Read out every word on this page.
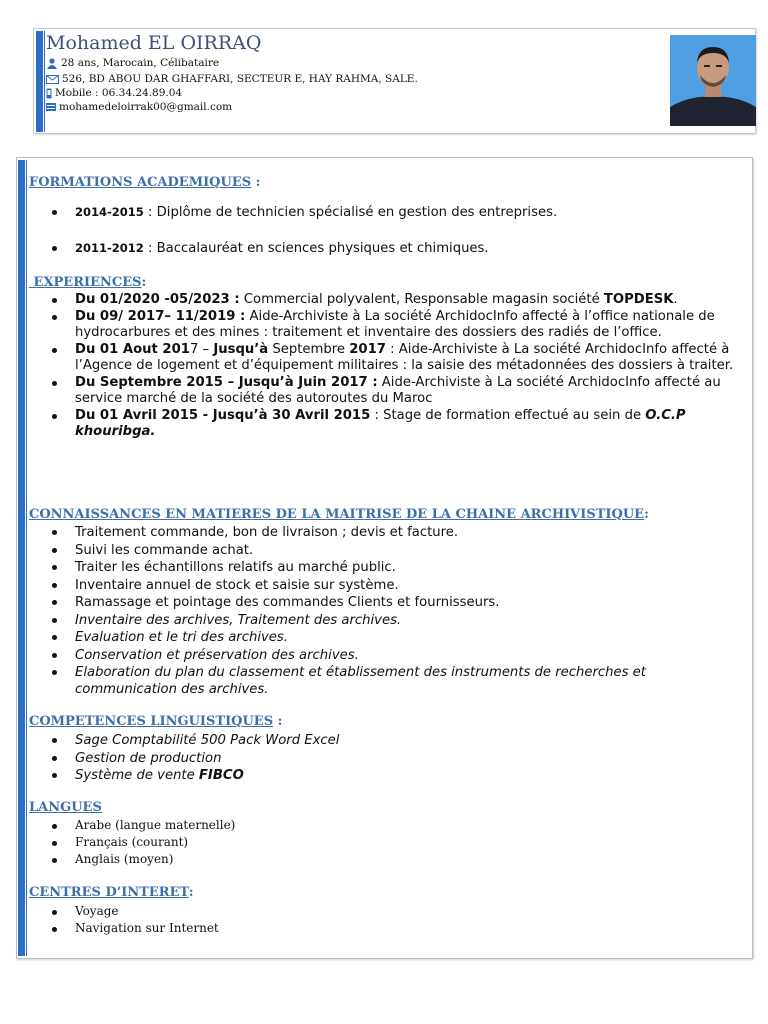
Mohamed EL OIRRAQ
28 ans, Marocain, Célibataire
526, BD ABOU DAR GHAFFARI, SECTEUR E, HAY RAHMA, SALE.
Mobile : 06.34.24.89.04
mohamedeloirrak00@gmail.com
FORMATIONS ACADEMIQUES :
2014-2015 : Diplôme de technicien spécialisé en gestion des entreprises.
2011-2012 : Baccalauréat en sciences physiques et chimiques.
EXPERIENCES:
Du 01/2020 -05/2023 : Commercial polyvalent, Responsable magasin société TOPDESK.
Du 09/ 2017– 11/2019 : Aide-Archiviste à La société ArchidocInfo affecté à l’office nationale de hydrocarbures et des mines : traitement et inventaire des dossiers des radiés de l’office.
Du 01 Aout 2017 – Jusqu’à Septembre 2017 : Aide-Archiviste à La société ArchidocInfo affecté à l’Agence de logement et d’équipement militaires : la saisie des métadonnées des dossiers à traiter.
Du Septembre 2015 – Jusqu’à Juin 2017 : Aide-Archiviste à La société ArchidocInfo affecté au service marché de la société des autoroutes du Maroc
Du 01 Avril 2015 - Jusqu’à 30 Avril 2015 : Stage de formation effectué au sein de O.C.P khouribga.
CONNAISSANCES EN MATIERES DE LA MAITRISE DE LA CHAINE ARCHIVISTIQUE:
Traitement commande, bon de livraison ; devis et facture.
Suivi les commande achat.
Traiter les échantillons relatifs au marché public.
Inventaire annuel de stock et saisie sur système.
Ramassage et pointage des commandes Clients et fournisseurs.
Inventaire des archives, Traitement des archives.
Evaluation et le tri des archives.
Conservation et préservation des archives.
Elaboration du plan du classement et établissement des instruments de recherches et communication des archives.
COMPETENCES LINGUISTIQUES :
Sage Comptabilité 500 Pack Word Excel
Gestion de production
Système de vente FIBCO
LANGUES
Arabe (langue maternelle)
Français (courant)
Anglais (moyen)
CENTRES D’INTERET:
Voyage
Navigation sur Internet
